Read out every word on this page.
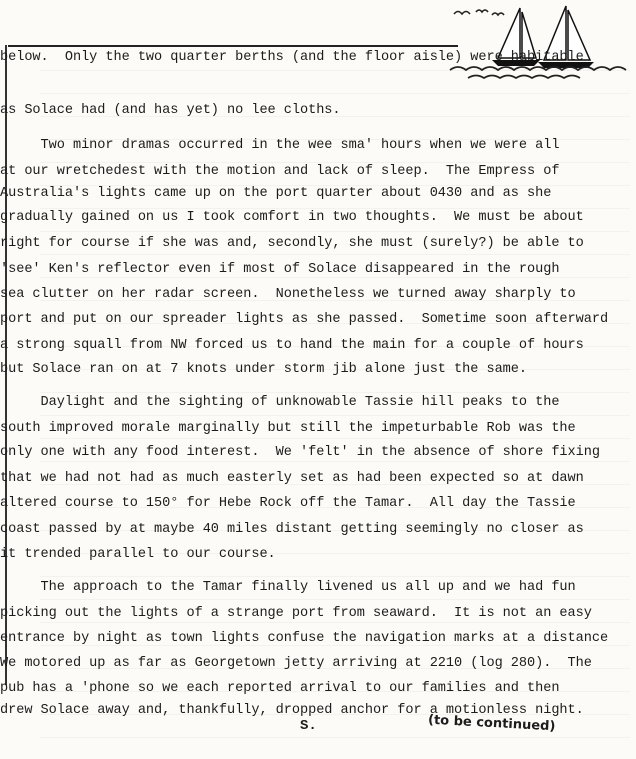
below.  Only the two quarter berths (and the floor aisle) were habitable
as Solace had (and has yet) no lee cloths.
Two minor dramas occurred in the wee sma' hours when we were all
at our wretchedest with the motion and lack of sleep.  The Empress of
Australia's lights came up on the port quarter about 0430 and as she
gradually gained on us I took comfort in two thoughts.  We must be about
right for course if she was and, secondly, she must (surely?) be able to
'see' Ken's reflector even if most of Solace disappeared in the rough
sea clutter on her radar screen.  Nonetheless we turned away sharply to
port and put on our spreader lights as she passed.  Sometime soon afterward
a strong squall from NW forced us to hand the main for a couple of hours
but Solace ran on at 7 knots under storm jib alone just the same.
Daylight and the sighting of unknowable Tassie hill peaks to the
south improved morale marginally but still the impeturbable Rob was the
only one with any food interest.  We 'felt' in the absence of shore fixing
that we had not had as much easterly set as had been expected so at dawn
altered course to 150° for Hebe Rock off the Tamar.  All day the Tassie
coast passed by at maybe 40 miles distant getting seemingly no closer as
it trended parallel to our course.
The approach to the Tamar finally livened us all up and we had fun
picking out the lights of a strange port from seaward.  It is not an easy
entrance by night as town lights confuse the navigation marks at a distance
We motored up as far as Georgetown jetty arriving at 2210 (log 280).  The
pub has a 'phone so we each reported arrival to our families and then
drew Solace away and, thankfully, dropped anchor for a motionless night.
S.	(to be continued)
